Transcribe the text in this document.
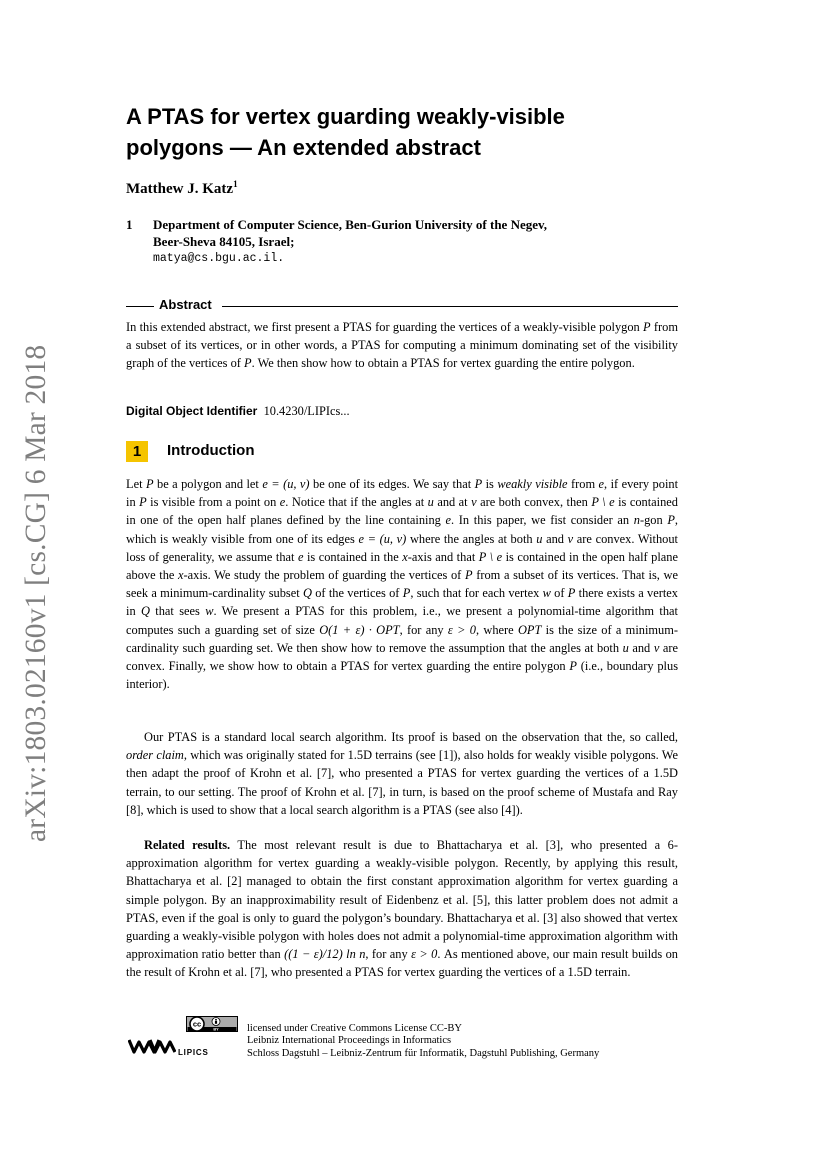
arXiv:1803.02160v1 [cs.CG] 6 Mar 2018
A PTAS for vertex guarding weakly-visible
polygons — An extended abstract
Matthew J. Katz$^1$
1 Department of Computer Science, Ben-Gurion University of the Negev,
Beer-Sheva 84105, Israel;
matya@cs.bgu.ac.il.
Abstract

In this extended abstract, we first present a PTAS for guarding the vertices of a weakly-visible polygon P from a subset of its vertices, or in other words, a PTAS for computing a minimum dominating set of the visibility graph of the vertices of P. We then show how to obtain a PTAS for vertex guarding the entire polygon.

Digital Object Identifier 10.4230/LIPIcs...
1	Introduction

Let P be a polygon and let e = (u, v) be one of its edges. We say that P is weakly visible from e, if every point in P is visible from a point on e. Notice that if the angles at u and at v are both convex, then P \ e is contained in one of the open half planes defined by the line containing e. In this paper, we fist consider an n-gon P, which is weakly visible from one of its edges e = (u, v) where the angles at both u and v are convex. Without loss of generality, we assume that e is contained in the x-axis and that P \ e is contained in the open half plane above the x-axis. We study the problem of guarding the vertices of P from a subset of its vertices. That is, we seek a minimum-cardinality subset Q of the vertices of P, such that for each vertex w of P there exists a vertex in Q that sees w. We present a PTAS for this problem, i.e., we present a polynomial-time algorithm that computes such a guarding set of size O(1 + ε) · OPT, for any ε > 0, where OPT is the size of a minimum-cardinality such guarding set. We then show how to remove the assumption that the angles at both u and v are convex. Finally, we show how to obtain a PTAS for vertex guarding the entire polygon P (i.e., boundary plus interior).

Our PTAS is a standard local search algorithm. Its proof is based on the observation that the, so called, order claim, which was originally stated for 1.5D terrains (see [1]), also holds for weakly visible polygons. We then adapt the proof of Krohn et al. [7], who presented a PTAS for vertex guarding the vertices of a 1.5D terrain, to our setting. The proof of Krohn et al. [7], in turn, is based on the proof scheme of Mustafa and Ray [8], which is used to show that a local search algorithm is a PTAS (see also [4]).

Related results. The most relevant result is due to Bhattacharya et al. [3], who presented a 6-approximation algorithm for vertex guarding a weakly-visible polygon. Recently, by applying this result, Bhattacharya et al. [2] managed to obtain the first constant approximation algorithm for vertex guarding a simple polygon. By an inapproximability result of Eidenbenz et al. [5], this latter problem does not admit a PTAS, even if the goal is only to guard the polygon’s boundary. Bhattacharya et al. [3] also showed that vertex guarding a weakly-visible polygon with holes does not admit a polynomial-time approximation algorithm with approximation ratio better than ((1 − ε)/12) ln n, for any ε > 0. As mentioned above, our main result builds on the result of Krohn et al. [7], who presented a PTAS for vertex guarding the vertices of a 1.5D terrain.

cc
BY
LIPICS
licensed under Creative Commons License CC-BY
Leibniz International Proceedings in Informatics
Schloss Dagstuhl – Leibniz-Zentrum für Informatik, Dagstuhl Publishing, Germany
